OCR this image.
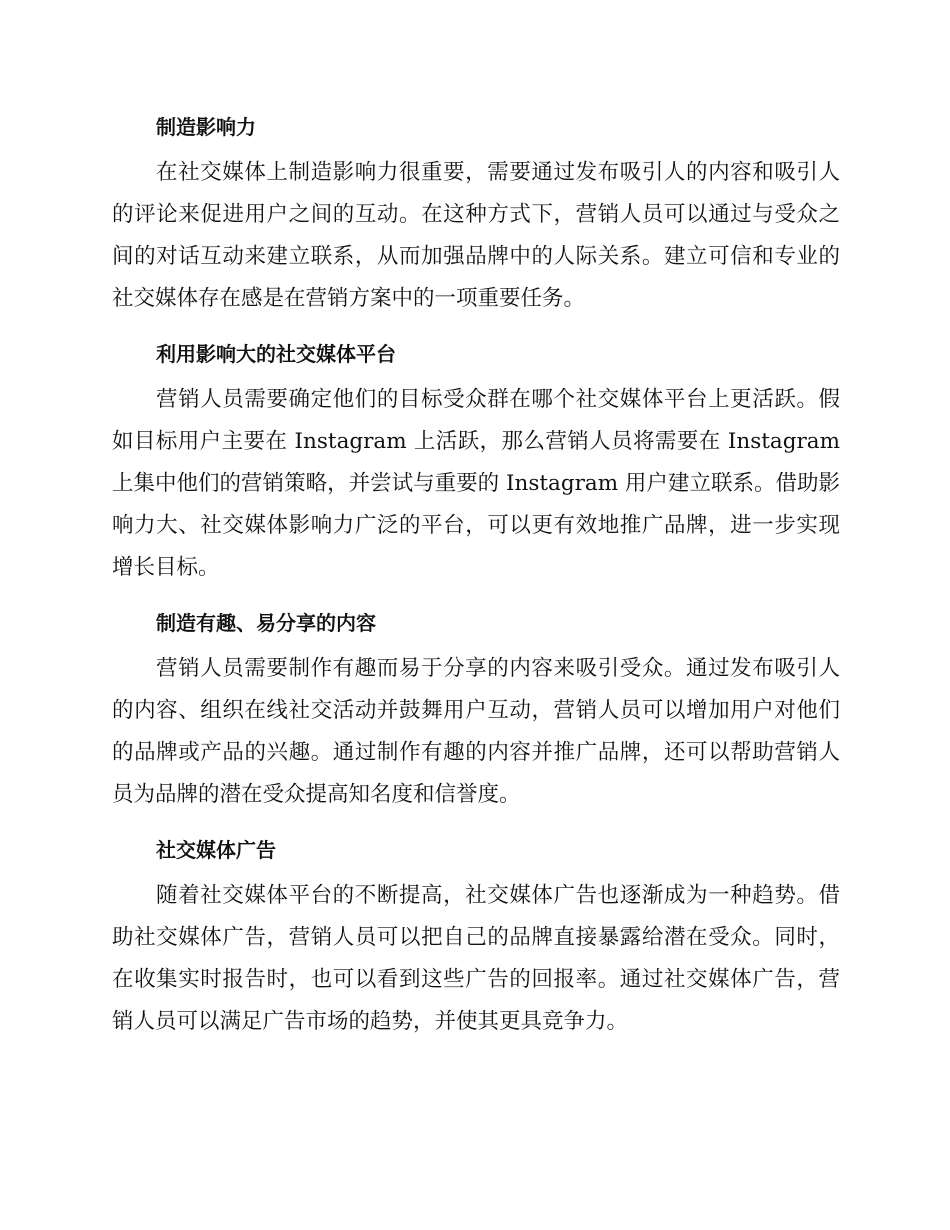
制造影响力

在社交媒体上制造影响力很重要，需要通过发布吸引人的内容和吸引人的评论来促进用户之间的互动。在这种方式下，营销人员可以通过与受众之间的对话互动来建立联系，从而加强品牌中的人际关系。建立可信和专业的社交媒体存在感是在营销方案中的一项重要任务。

利用影响大的社交媒体平台

营销人员需要确定他们的目标受众群在哪个社交媒体平台上更活跃。假如目标用户主要在 Instagram 上活跃，那么营销人员将需要在 Instagram 上集中他们的营销策略，并尝试与重要的 Instagram 用户建立联系。借助影响力大、社交媒体影响力广泛的平台，可以更有效地推广品牌，进一步实现增长目标。

制造有趣、易分享的内容

营销人员需要制作有趣而易于分享的内容来吸引受众。通过发布吸引人的内容、组织在线社交活动并鼓舞用户互动，营销人员可以增加用户对他们的品牌或产品的兴趣。通过制作有趣的内容并推广品牌，还可以帮助营销人员为品牌的潜在受众提高知名度和信誉度。

社交媒体广告

随着社交媒体平台的不断提高，社交媒体广告也逐渐成为一种趋势。借助社交媒体广告，营销人员可以把自己的品牌直接暴露给潜在受众。同时，在收集实时报告时，也可以看到这些广告的回报率。通过社交媒体广告，营销人员可以满足广告市场的趋势，并使其更具竞争力。
